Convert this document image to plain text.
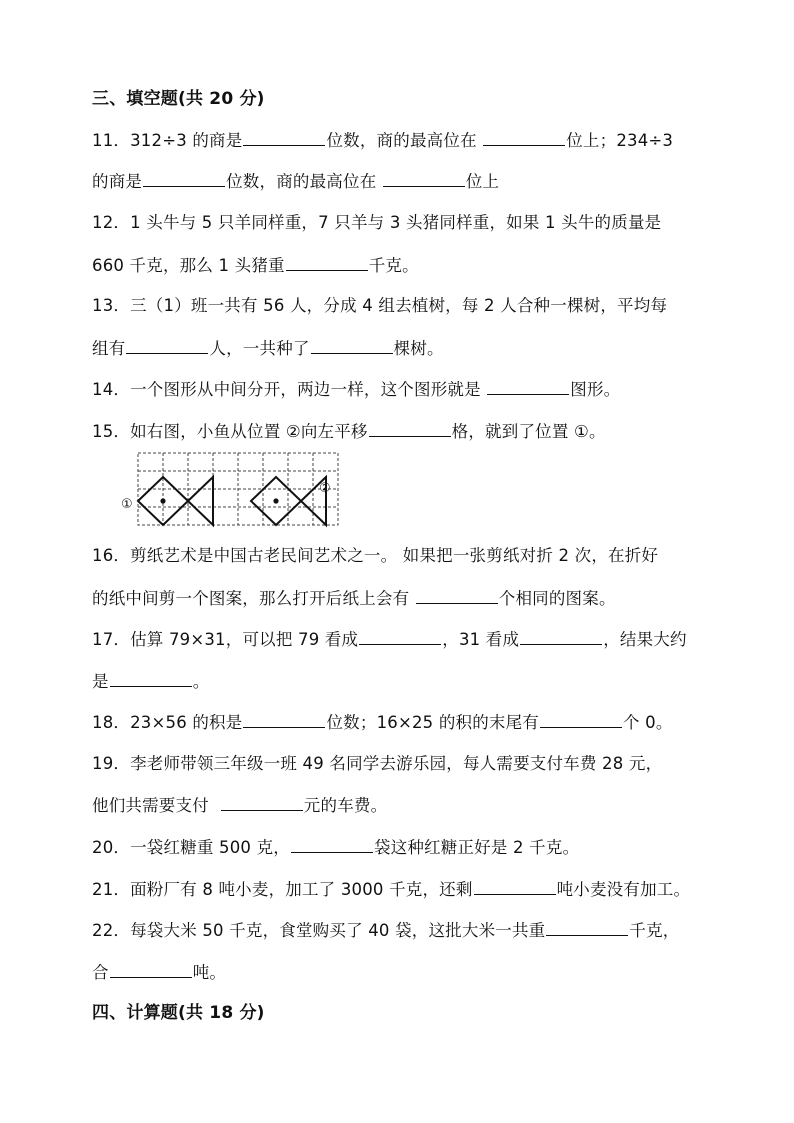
三、填空题(共 20 分)
11．312÷3 的商是	位数，商的最高位在	位上；234÷3
的商是	位数，商的最高位在	位上
12．1 头牛与 5 只羊同样重，7 只羊与 3 头猪同样重，如果 1 头牛的质量是
660 千克，那么 1 头猪重	千克。
13．三（1）班一共有 56 人，分成 4 组去植树，每 2 人合种一棵树，平均每
组有	人，一共种了	棵树。
14．一个图形从中间分开，两边一样，这个图形就是	图形。
15．如右图，小鱼从位置 ②向左平移	格，就到了位置 ①。
①
②
16．剪纸艺术是中国古老民间艺术之一。 如果把一张剪纸对折 2 次，在折好
的纸中间剪一个图案，那么打开后纸上会有	个相同的图案。
17．估算 79×31，可以把 79 看成	，31 看成	，结果大约
是	。
18．23×56 的积是	位数；16×25 的积的末尾有	个 0。
19．李老师带领三年级一班 49 名同学去游乐园，每人需要支付车费 28 元，
他们共需要支付	元的车费。
20．一袋红糖重 500 克，	袋这种红糖正好是 2 千克。
21．面粉厂有 8 吨小麦，加工了 3000 千克，还剩	吨小麦没有加工。
22．每袋大米 50 千克，食堂购买了 40 袋，这批大米一共重	千克，
合	吨。
四、计算题(共 18 分)
